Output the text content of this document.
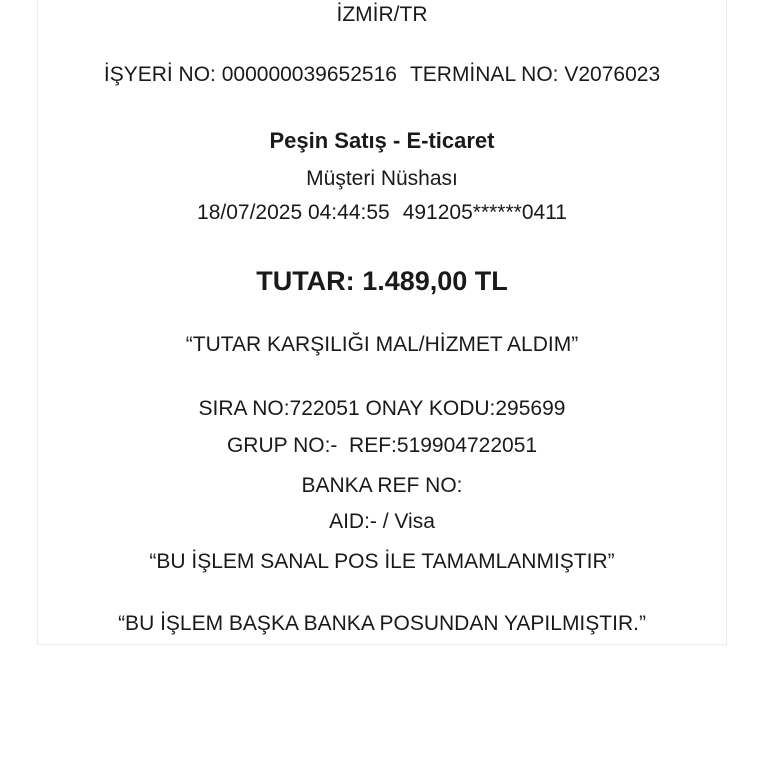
İZMİR/TR
İŞYERİ NO: 000000039652516 TERMİNAL NO: V2076023
Peşin Satış - E-ticaret
Müşteri Nüshası
18/07/2025 04:44:55 491205******0411
TUTAR: 1.489,00 TL
“TUTAR KARŞILIĞI MAL/HİZMET ALDIM”
SIRA NO:722051 ONAY KODU:295699
GRUP NO:-  REF:519904722051
BANKA REF NO:
AID:- / Visa
“BU İŞLEM SANAL POS İLE TAMAMLANMIŞTIR”
“BU İŞLEM BAŞKA BANKA POSUNDAN YAPILMIŞTIR.”
